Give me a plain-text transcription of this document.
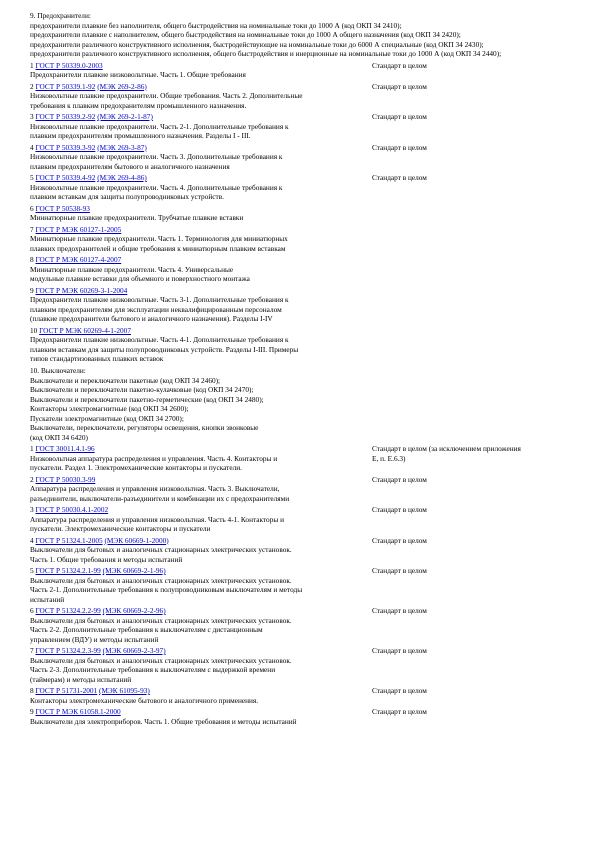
9. Предохранители:
предохранители плавкие без наполнителя, общего быстродействия на номинальные токи до 1000 А (код ОКП 34 2410);
предохранители плавкие с наполнителем, общего быстродействия на номинальные токи до 1000 А общего назначения (код ОКП 34 2420);
предохранители различного конструктивного исполнения, быстродействующие на номинальные токи до 6000 А специальные (код ОКП 34 2430);
предохранители различного конструктивного исполнения, общего быстродействия и инерционные на номинальные токи до 1000 А (код ОКП 34 2440);
1 ГОСТ Р 50339.0-2003
Предохранители плавкие низковольтные. Часть 1. Общие требования
Стандарт в целом
2 ГОСТ Р 50339.1-92 (МЭК 269-2-86)
Низковольтные плавкие предохранители. Общие требования. Часть 2. Дополнительные
требования к плавким предохранителям промышленного назначения.
Стандарт в целом
3 ГОСТ Р 50339.2-92 (МЭК 269-2-1-87)
Низковольтные плавкие предохранители. Часть 2-1. Дополнительные требования к
плавким предохранителям промышленного назначения. Разделы I - III.
Стандарт в целом
4 ГОСТ Р 50339.3-92 (МЭК 269-3-87)
Низковольтные плавкие предохранители. Часть 3. Дополнительные требования к
плавким предохранителям бытового и аналогичного назначения
Стандарт в целом
5 ГОСТ Р 50339.4-92 (МЭК 269-4-86)
Низковольтные плавкие предохранители. Часть 4. Дополнительные требования к
плавким вставкам для защиты полупроводниковых устройств.
Стандарт в целом
6 ГОСТ Р 50538-93
Миниатюрные плавкие предохранители. Трубчатые плавкие вставки
7 ГОСТ Р МЭК 60127-1-2005
Миниатюрные плавкие предохранители. Часть 1. Терминология для миниатюрных
плавких предохранителей и общие требования к миниатюрным плавким вставкам
8 ГОСТ Р МЭК 60127-4-2007
Миниатюрные плавкие предохранители. Часть 4. Универсальные
модульные плавкие вставки для объемного и поверхностного монтажа
9 ГОСТ Р МЭК 60269-3-1-2004
Предохранители плавкие низковольтные. Часть 3-1. Дополнительные требования к
плавким предохранителям для эксплуатации неквалифицированным персоналом
(плавкие предохранители бытового и аналогичного назначения). Разделы I-IV
10 ГОСТ Р МЭК 60269-4-1-2007
Предохранители плавкие низковольтные. Часть 4-1. Дополнительные требования к
плавким вставкам для защиты полупроводниковых устройств. Разделы I-III. Примеры
типов стандартизованных плавких вставок
10. Выключатели:
Выключатели и переключатели пакетные (код ОКП 34 2460);
Выключатели и переключатели пакетно-кулачковые (код ОКП 34 2470);
Выключатели и переключатели пакетно-герметические (код ОКП 34 2480);
Контакторы электромагнитные (код ОКП 34 2600);
Пускатели электромагнитные (код ОКП 34 2700);
Выключатели, переключатели, регуляторы освещения, кнопки звонковые
(код ОКП 34 6420)
1 ГОСТ 30011.4.1-96
Низковольтная аппаратура распределения и управления. Часть 4. Контакторы и
пускатели. Раздел 1. Электромеханические контакторы и пускатели.
Стандарт в целом (за исключением приложения
Е, п. Е.6.3)
2 ГОСТ Р 50030.3-99
Аппаратура распределения и управления низковольтная. Часть 3. Выключатели,
разъединители, выключатели-разъединители и комбинации их с предохранителями
Стандарт в целом
3 ГОСТ Р 50030.4.1-2002
Аппаратура распределения и управления низковольтная. Часть 4-1. Контакторы и
пускатели. Электромеханические контакторы и пускатели
Стандарт в целом
4 ГОСТ Р 51324.1-2005 (МЭК 60669-1-2000)
Выключатели для бытовых и аналогичных стационарных электрических установок.
Часть 1. Общие требования и методы испытаний
Стандарт в целом
5 ГОСТ Р 51324.2.1-99 (МЭК 60669-2-1-96)
Выключатели для бытовых и аналогичных стационарных электрических установок.
Часть 2-1. Дополнительные требования к полупроводниковым выключателям и методы
испытаний
Стандарт в целом
6 ГОСТ Р 51324.2.2-99 (МЭК 60669-2-2-96)
Выключатели для бытовых и аналогичных стационарных электрических установок.
Часть 2-2. Дополнительные требования к выключателям с дистанционным
управлением (ВДУ) и методы испытаний
Стандарт в целом
7 ГОСТ Р 51324.2.3-99 (МЭК 60669-2-3-97)
Выключатели для бытовых и аналогичных стационарных электрических установок.
Часть 2-3. Дополнительные требования к выключателям с выдержкой времени
(таймерам) и методы испытаний
Стандарт в целом
8 ГОСТ Р 51731-2001 (МЭК 61095-93)
Контакторы электромеханические бытового и аналогичного применения.
Стандарт в целом
9 ГОСТ Р МЭК 61058.1-2000
Выключатели для электроприборов. Часть 1. Общие требования и методы испытаний
Стандарт в целом
